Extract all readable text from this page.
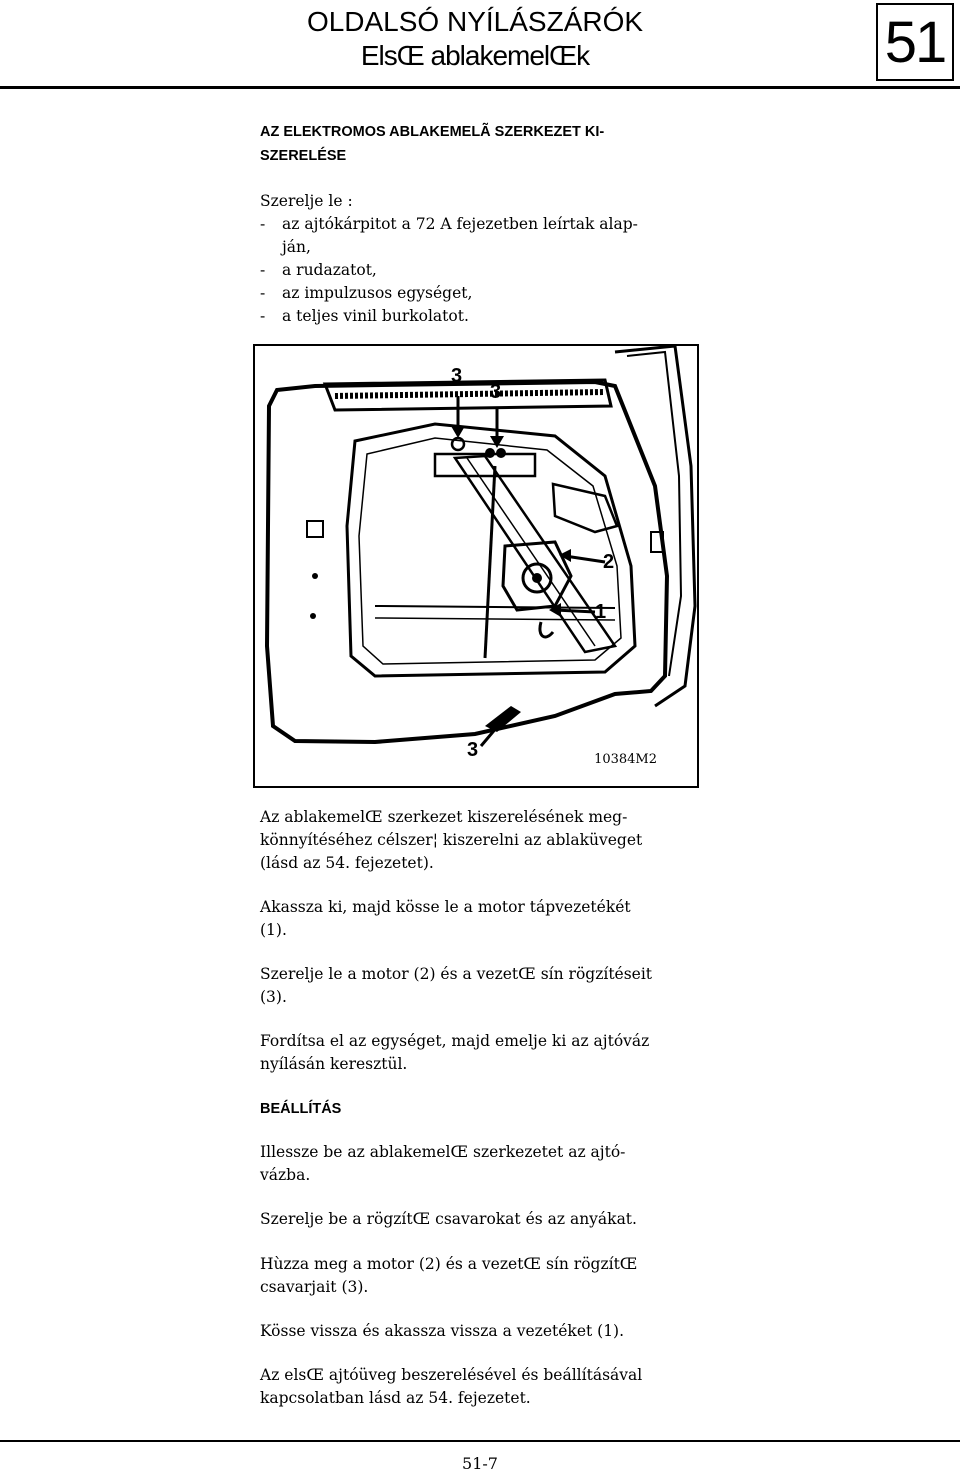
OLDALSÓ NYÍLÁSZÁRÓK
ElsŒ ablakemelŒk	51

AZ ELEKTROMOS ABLAKEMELÃ SZERKEZET KI-

SZERELÉSE

Szerelje le :

- az ajtókárpitot a 72 A fejezetben leírtak alap-
ján,
- a rudazatot,
- az impulzusos egységet,
- a teljes vinil burkolatot.
3
3
2
1
3	10384M2

Az ablakemelŒ szerkezet kiszerelésének meg-

könnyítéséhez célszer¦ kiszerelni az ablaküveget

(lásd az 54. fejezetet).

Akassza ki, majd kösse le a motor tápvezetékét

(1).

Szerelje le a motor (2) és a vezetŒ sín rögzítéseit

(3).

Fordítsa el az egységet, majd emelje ki az ajtóváz

nyílásán keresztül.

BEÁLLÍTÁS

Illessze be az ablakemelŒ szerkezetet az ajtó-

vázba.

Szerelje be a rögzítŒ csavarokat és az anyákat.

Hùzza meg a motor (2) és a vezetŒ sín rögzítŒ

csavarjait (3).

Kösse vissza és akassza vissza a vezetéket (1).

Az elsŒ ajtóüveg beszerelésével és beállításával

kapcsolatban lásd az 54. fejezetet.

51-7
